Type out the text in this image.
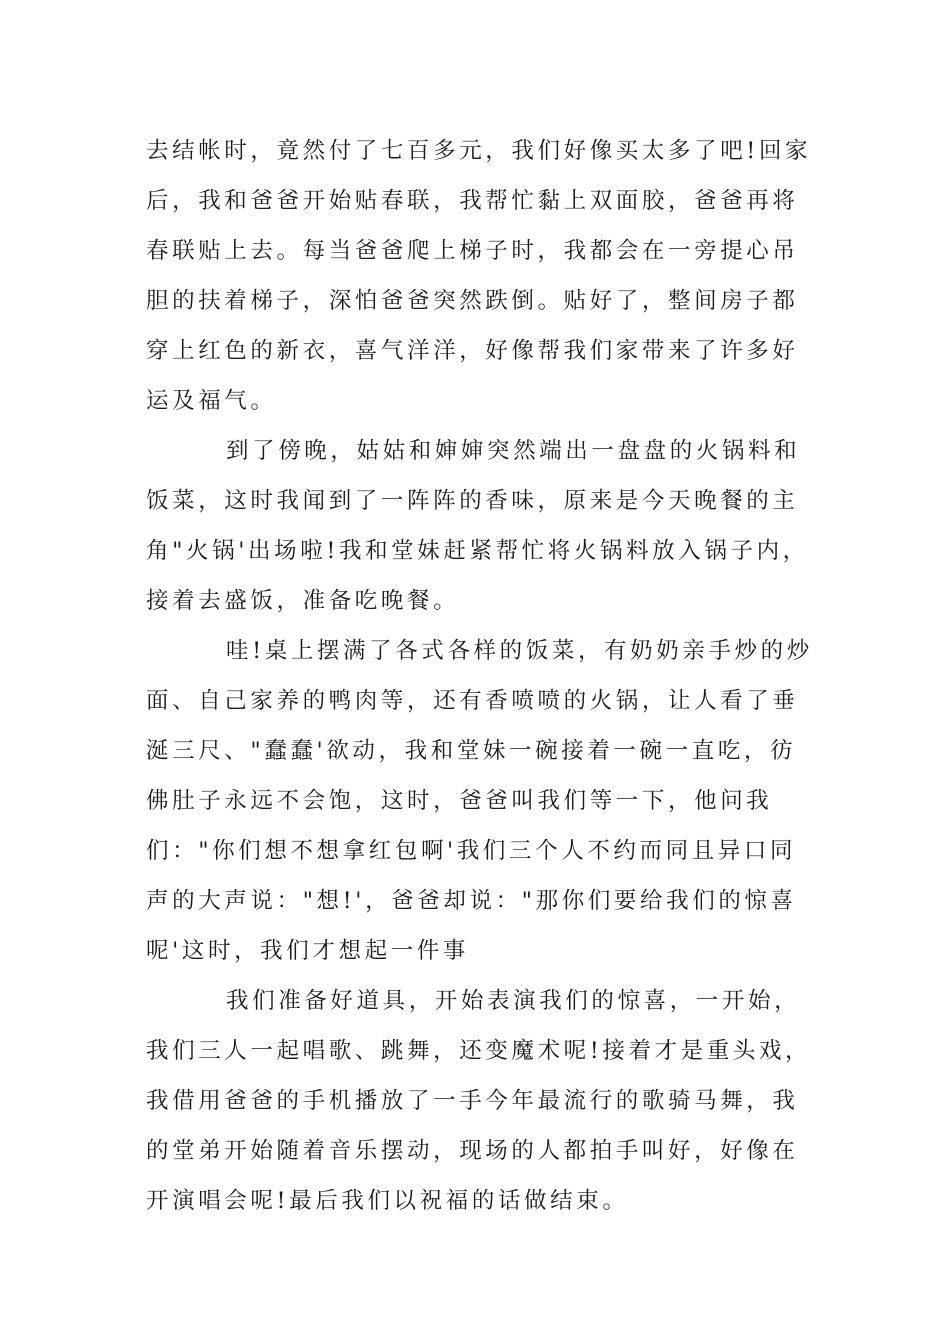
去结帐时，竟然付了七百多元，我们好像买太多了吧!回家
后，我和爸爸开始贴春联，我帮忙黏上双面胶，爸爸再将
春联贴上去。每当爸爸爬上梯子时，我都会在一旁提心吊
胆的扶着梯子，深怕爸爸突然跌倒。贴好了，整间房子都
穿上红色的新衣，喜气洋洋，好像帮我们家带来了许多好
运及福气。
到了傍晚，姑姑和婶婶突然端出一盘盘的火锅料和
饭菜，这时我闻到了一阵阵的香味，原来是今天晚餐的主
角"火锅'出场啦!我和堂妹赶紧帮忙将火锅料放入锅子内，
接着去盛饭，准备吃晚餐。
哇!桌上摆满了各式各样的饭菜，有奶奶亲手炒的炒
面、自己家养的鸭肉等，还有香喷喷的火锅，让人看了垂
涎三尺、"蠢蠢'欲动，我和堂妹一碗接着一碗一直吃，彷
佛肚子永远不会饱，这时，爸爸叫我们等一下，他问我
们："你们想不想拿红包啊'我们三个人不约而同且异口同
声的大声说："想!'，爸爸却说："那你们要给我们的惊喜
呢'这时，我们才想起一件事
我们准备好道具，开始表演我们的惊喜，一开始，
我们三人一起唱歌、跳舞，还变魔术呢!接着才是重头戏，
我借用爸爸的手机播放了一手今年最流行的歌骑马舞，我
的堂弟开始随着音乐摆动，现场的人都拍手叫好，好像在
开演唱会呢!最后我们以祝福的话做结束。
